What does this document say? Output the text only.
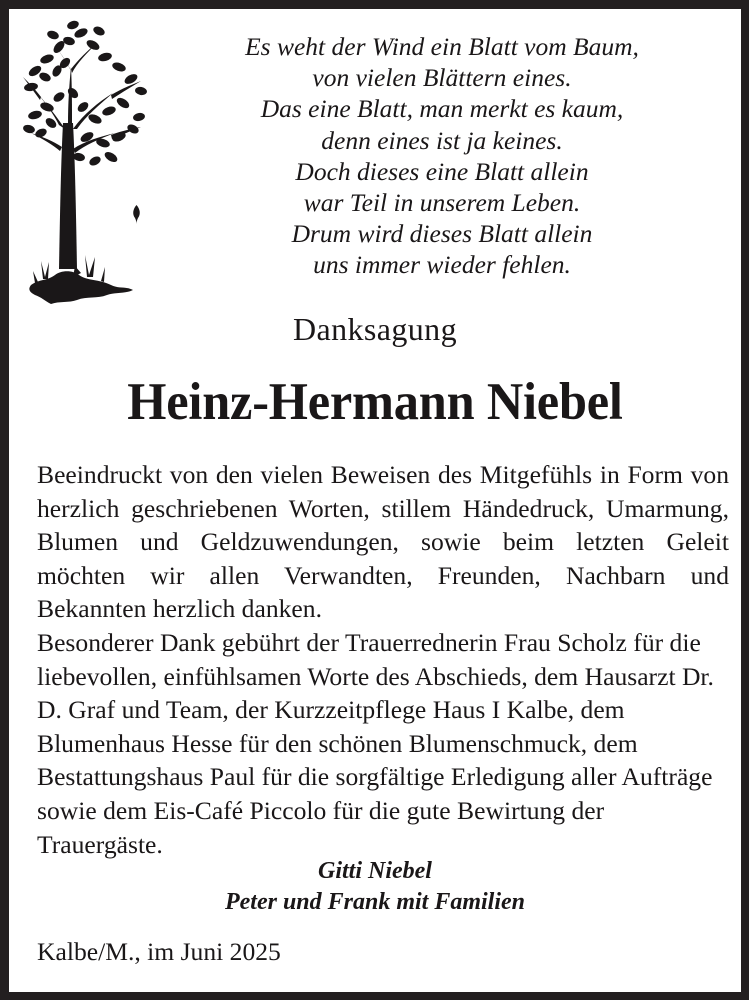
Es weht der Wind ein Blatt vom Baum,
von vielen Blättern eines.
Das eine Blatt, man merkt es kaum,
denn eines ist ja keines.
Doch dieses eine Blatt allein
war Teil in unserem Leben.
Drum wird dieses Blatt allein
uns immer wieder fehlen.
Danksagung
Heinz-Hermann Niebel

Beeindruckt von den vielen Beweisen des Mitgefühls in Form von herzlich geschriebenen Worten, stillem Händedruck, Umarmung, Blumen und Geldzuwendungen, sowie beim letzten Geleit möchten wir allen Verwandten, Freunden, Nachbarn und Bekannten herzlich danken.

Besonderer Dank gebührt der Trauerrednerin Frau Scholz für die liebevollen, einfühlsamen Worte des Abschieds, dem Hausarzt Dr. D. Graf und Team, der Kurzzeitpflege Haus I Kalbe, dem Blumenhaus Hesse für den schönen Blumenschmuck, dem Bestattungshaus Paul für die sorgfältige Erledigung aller Aufträge sowie dem Eis-Café Piccolo für die gute Bewirtung der Trauergäste.

Gitti Niebel
Peter und Frank mit Familien
Kalbe/M., im Juni 2025
